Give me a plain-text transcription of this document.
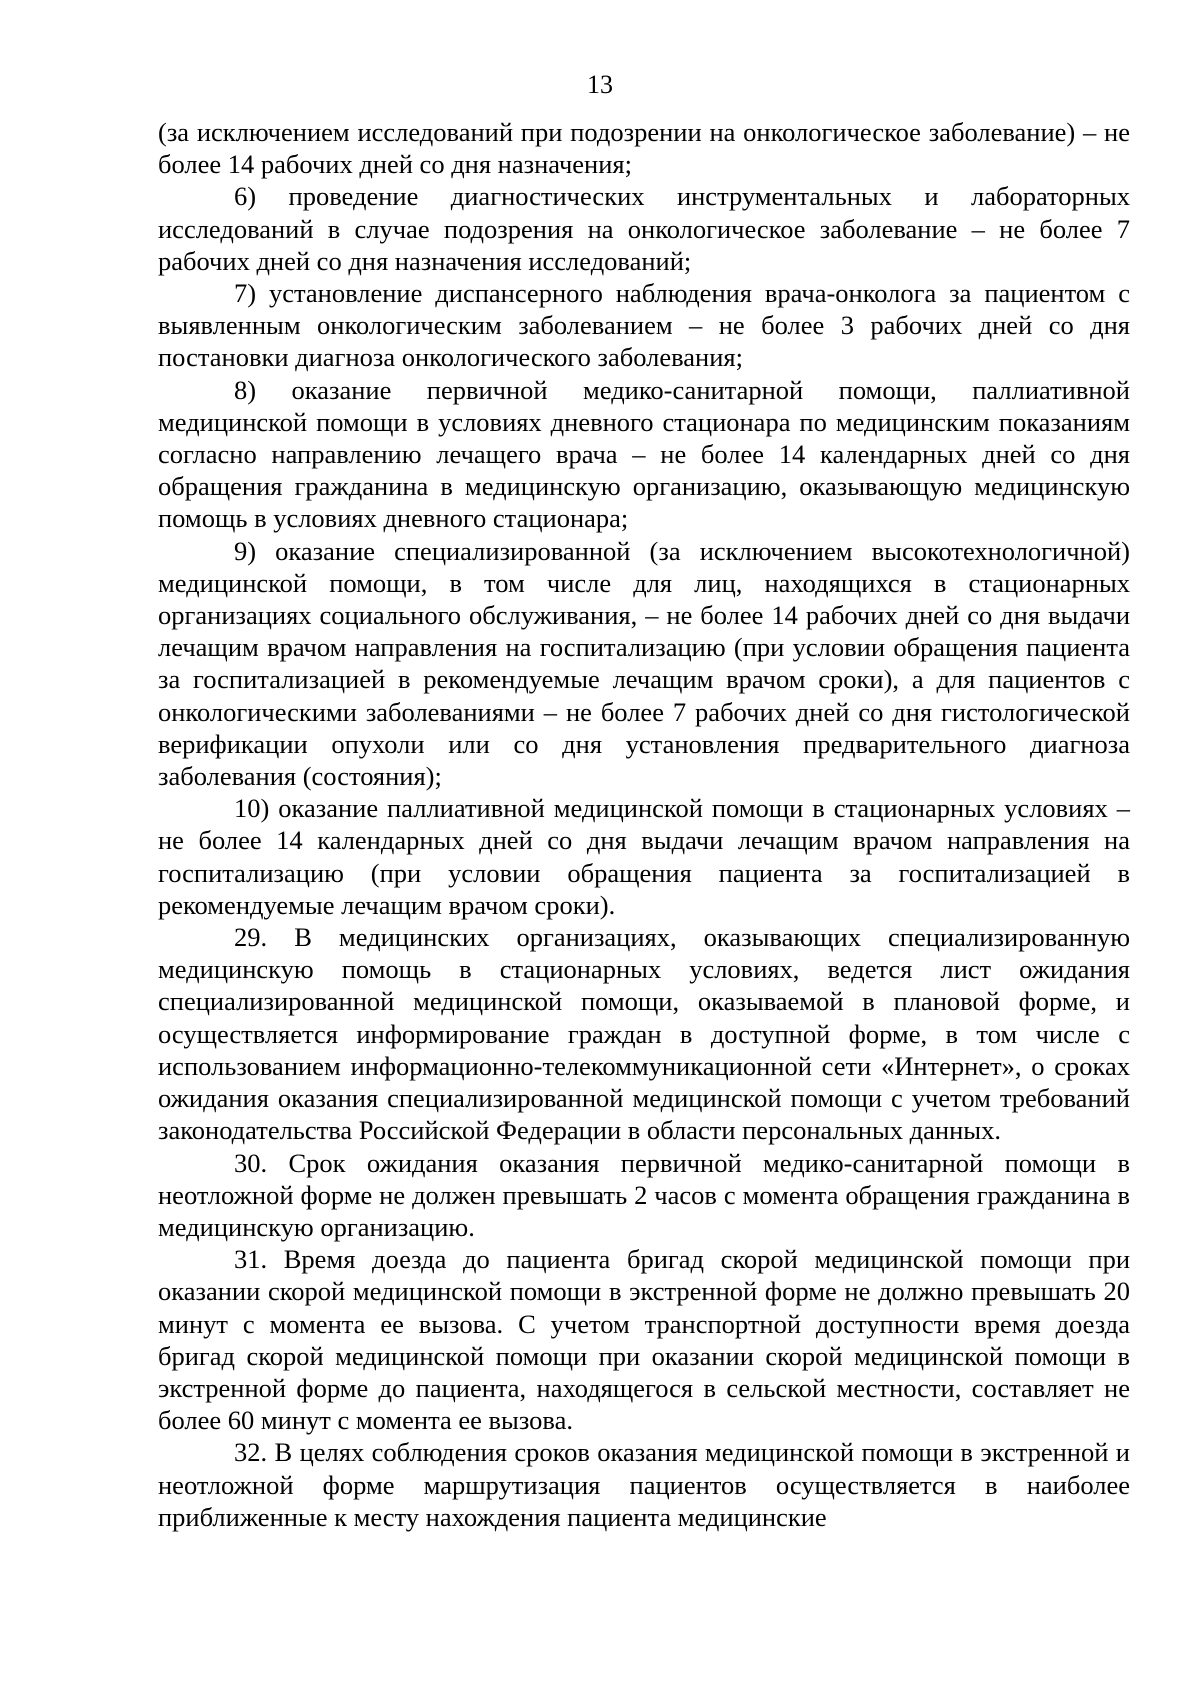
13

(за исключением исследований при подозрении на онкологическое заболевание) – не более 14 рабочих дней со дня назначения;

6) проведение диагностических инструментальных и лабораторных исследований в случае подозрения на онкологическое заболевание – не более 7 рабочих дней со дня назначения исследований;

7) установление диспансерного наблюдения врача-онколога за пациентом с выявленным онкологическим заболеванием – не более 3 рабочих дней со дня постановки диагноза онкологического заболевания;

8) оказание первичной медико-санитарной помощи, паллиативной медицинской помощи в условиях дневного стационара по медицинским показаниям согласно направлению лечащего врача – не более 14 календарных дней со дня обращения гражданина в медицинскую организацию, оказывающую медицинскую помощь в условиях дневного стационара;

9) оказание специализированной (за исключением высокотехнологичной) медицинской помощи, в том числе для лиц, находящихся в стационарных организациях социального обслуживания, – не более 14 рабочих дней со дня выдачи лечащим врачом направления на госпитализацию (при условии обращения пациента за госпитализацией в рекомендуемые лечащим врачом сроки), а для пациентов с онкологическими заболеваниями – не более 7 рабочих дней со дня гистологической верификации опухоли или со дня установления предварительного диагноза заболевания (состояния);

10) оказание паллиативной медицинской помощи в стационарных условиях – не более 14 календарных дней со дня выдачи лечащим врачом направления на госпитализацию (при условии обращения пациента за госпитализацией в рекомендуемые лечащим врачом сроки).

29. В медицинских организациях, оказывающих специализированную медицинскую помощь в стационарных условиях, ведется лист ожидания специализированной медицинской помощи, оказываемой в плановой форме, и осуществляется информирование граждан в доступной форме, в том числе с использованием информационно-телекоммуникационной сети «Интернет», о сроках ожидания оказания специализированной медицинской помощи с учетом требований законодательства Российской Федерации в области персональных данных.

30. Срок ожидания оказания первичной медико-санитарной помощи в неотложной форме не должен превышать 2 часов с момента обращения гражданина в медицинскую организацию.

31. Время доезда до пациента бригад скорой медицинской помощи при оказании скорой медицинской помощи в экстренной форме не должно превышать 20 минут с момента ее вызова. С учетом транспортной доступности время доезда бригад скорой медицинской помощи при оказании скорой медицинской помощи в экстренной форме до пациента, находящегося в сельской местности, составляет не более 60 минут с момента ее вызова.

32. В целях соблюдения сроков оказания медицинской помощи в экстренной и неотложной форме маршрутизация пациентов осуществляется в наиболее приближенные к месту нахождения пациента медицинские
